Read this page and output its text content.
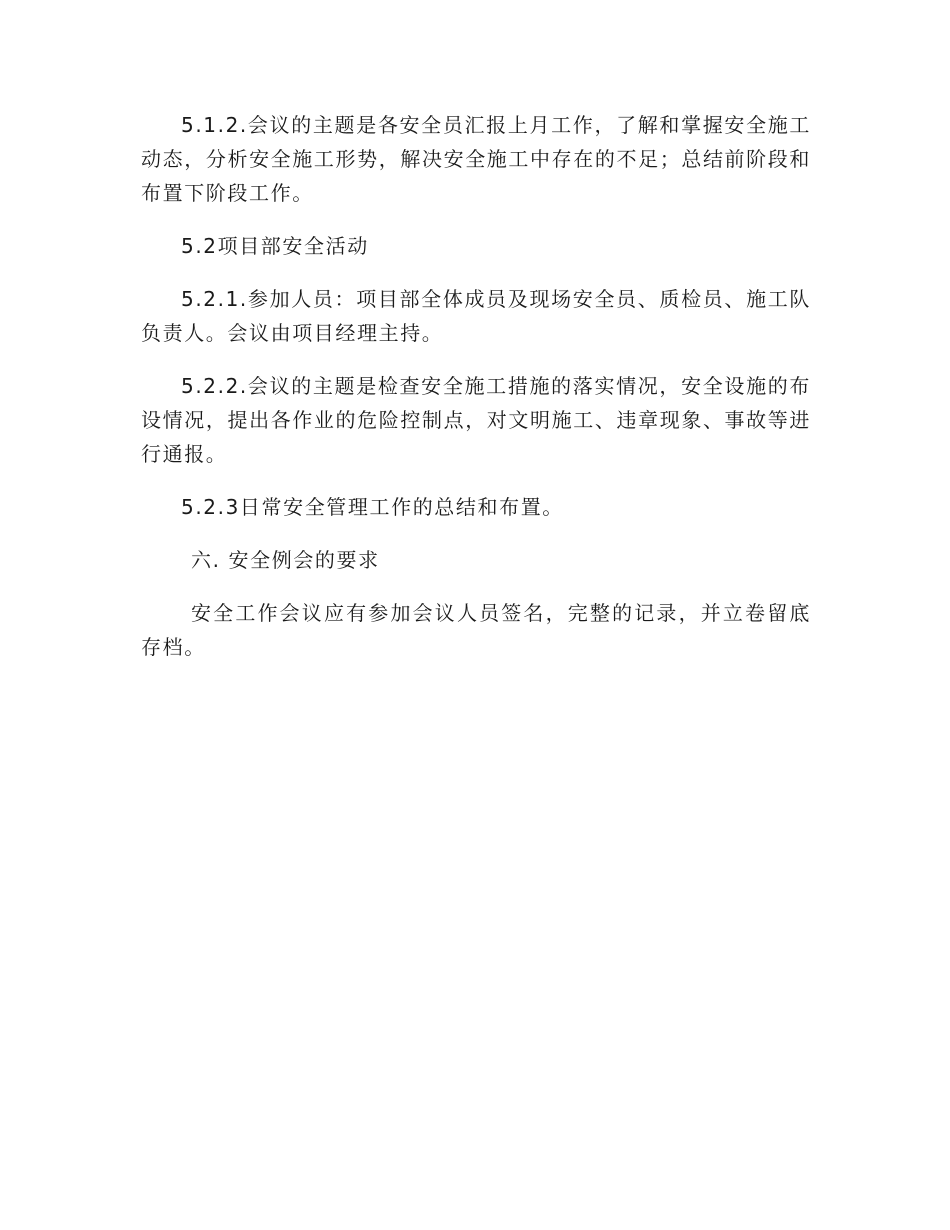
5.1.2.会议的主题是各安全员汇报上月工作，了解和掌握安全施工动态，分析安全施工形势，解决安全施工中存在的不足；总结前阶段和布置下阶段工作。

5.2项目部安全活动

5.2.1.参加人员：项目部全体成员及现场安全员、质检员、施工队负责人。会议由项目经理主持。

5.2.2.会议的主题是检查安全施工措施的落实情况，安全设施的布设情况，提出各作业的危险控制点，对文明施工、违章现象、事故等进行通报。

5.2.3日常安全管理工作的总结和布置。

六. 安全例会的要求

安全工作会议应有参加会议人员签名，完整的记录，并立卷留底存档。
